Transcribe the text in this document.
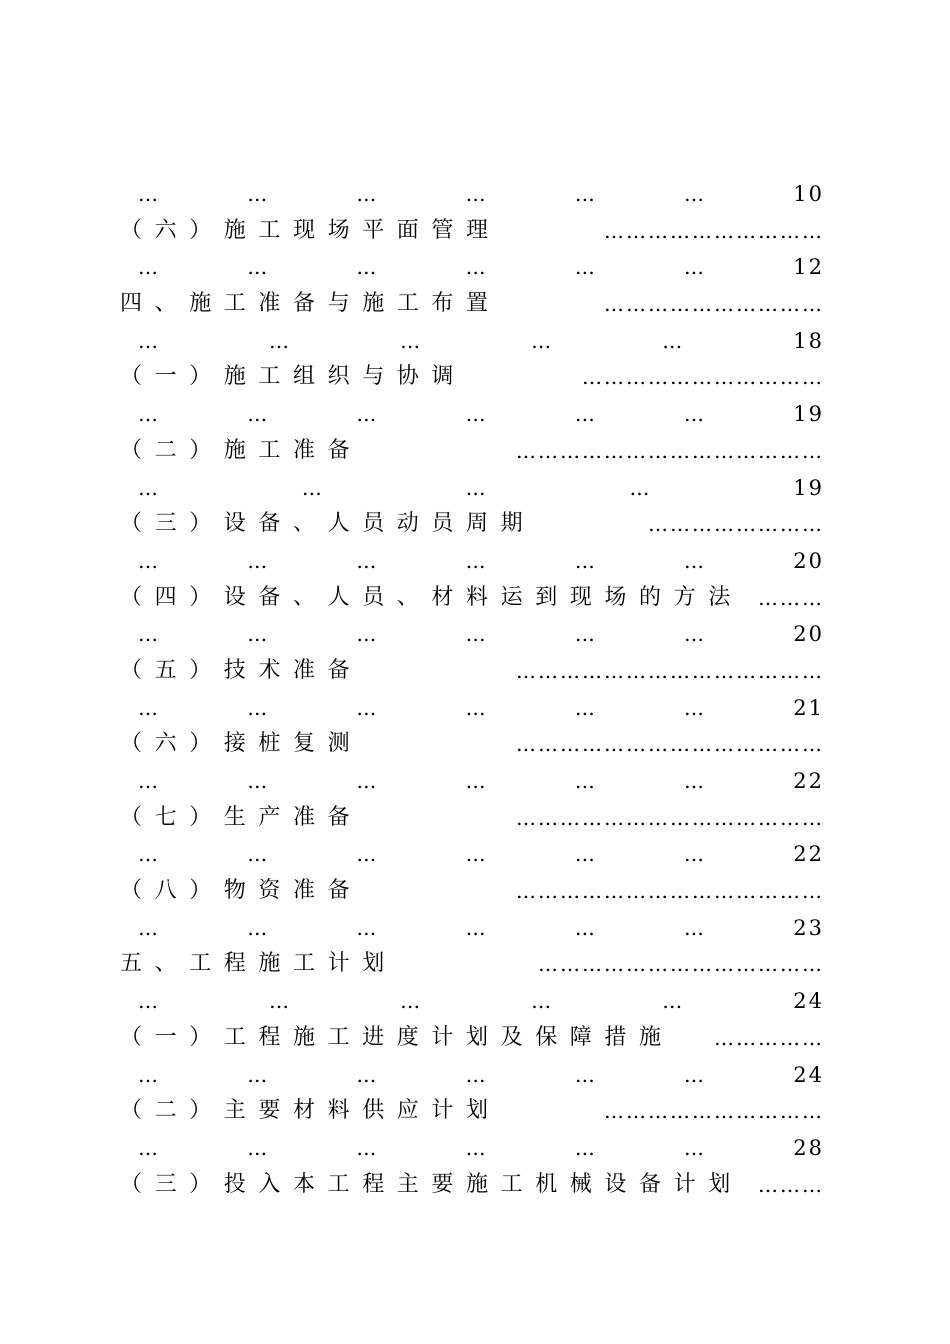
…	…	…	…	…	…	10
（六）施工现场平面管理	…………………………
…	…	…	…	…	…	12
四、施工准备与施工布置	…………………………
…	…	…	…	…	18
（一）施工组织与协调	……………………………
…	…	…	…	…	…	19
（二）施工准备	……………………………………
…	…	…	…	19
（三）设备、人员动员周期	……………………
…	…	…	…	…	…	20
（四）设备、人员、材料运到现场的方法 ………
…	…	…	…	…	…	20
（五）技术准备	……………………………………
…	…	…	…	…	…	21
（六）接桩复测	……………………………………
…	…	…	…	…	…	22
（七）生产准备	……………………………………
…	…	…	…	…	…	22
（八）物资准备	……………………………………
…	…	…	…	…	…	23
五、工程施工计划	…………………………………
…	…	…	…	…	24
（一）工程施工进度计划及保障措施	……………
…	…	…	…	…	…	24
（二）主要材料供应计划	…………………………
…	…	…	…	…	…	28
（三）投入本工程主要施工机械设备计划 ………
